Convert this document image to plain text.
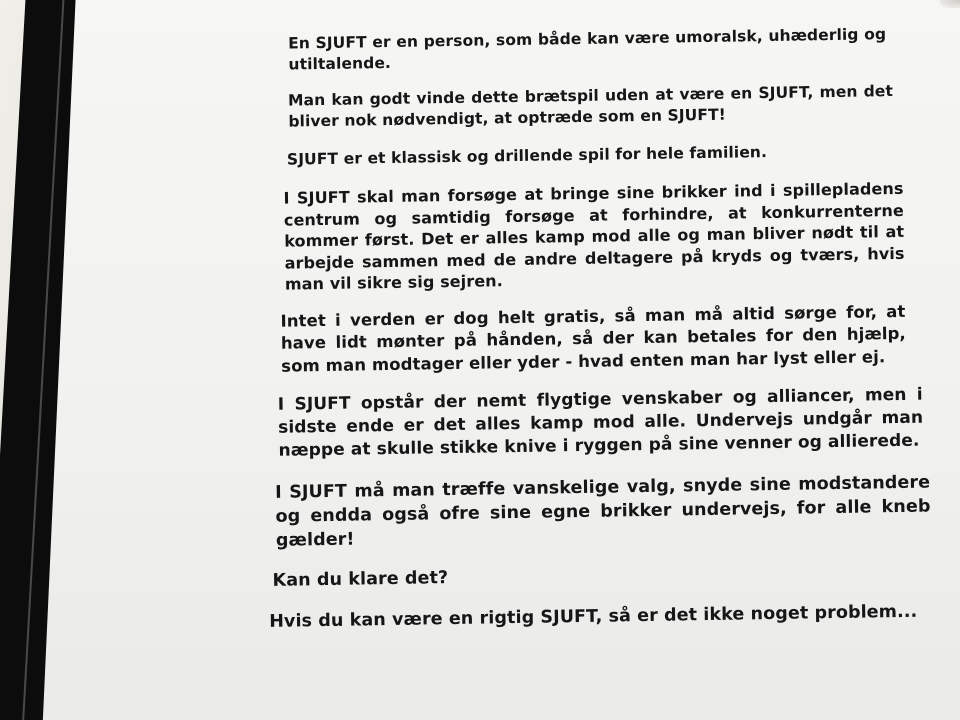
En SJUFT er en person, som både kan være umoralsk, uhæderlig og utiltalende.

Man kan godt vinde dette brætspil uden at være en SJUFT, men det bliver nok nødvendigt, at optræde som en SJUFT!

SJUFT er et klassisk og drillende spil for hele familien.

I SJUFT skal man forsøge at bringe sine brikker ind i spillepladens centrum og samtidig forsøge at forhindre, at konkurrenterne kommer først. Det er alles kamp mod alle og man bliver nødt til at arbejde sammen med de andre deltagere på kryds og tværs, hvis man vil sikre sig sejren.

Intet i verden er dog helt gratis, så man må altid sørge for, at have lidt mønter på hånden, så der kan betales for den hjælp, som man modtager eller yder - hvad enten man har lyst eller ej.

I SJUFT opstår der nemt flygtige venskaber og alliancer, men i sidste ende er det alles kamp mod alle. Undervejs undgår man næppe at skulle stikke knive i ryggen på sine venner og allierede.

I SJUFT må man træffe vanskelige valg, snyde sine modstandere og endda også ofre sine egne brikker undervejs, for alle kneb gælder!

Kan du klare det?

Hvis du kan være en rigtig SJUFT, så er det ikke noget problem...
